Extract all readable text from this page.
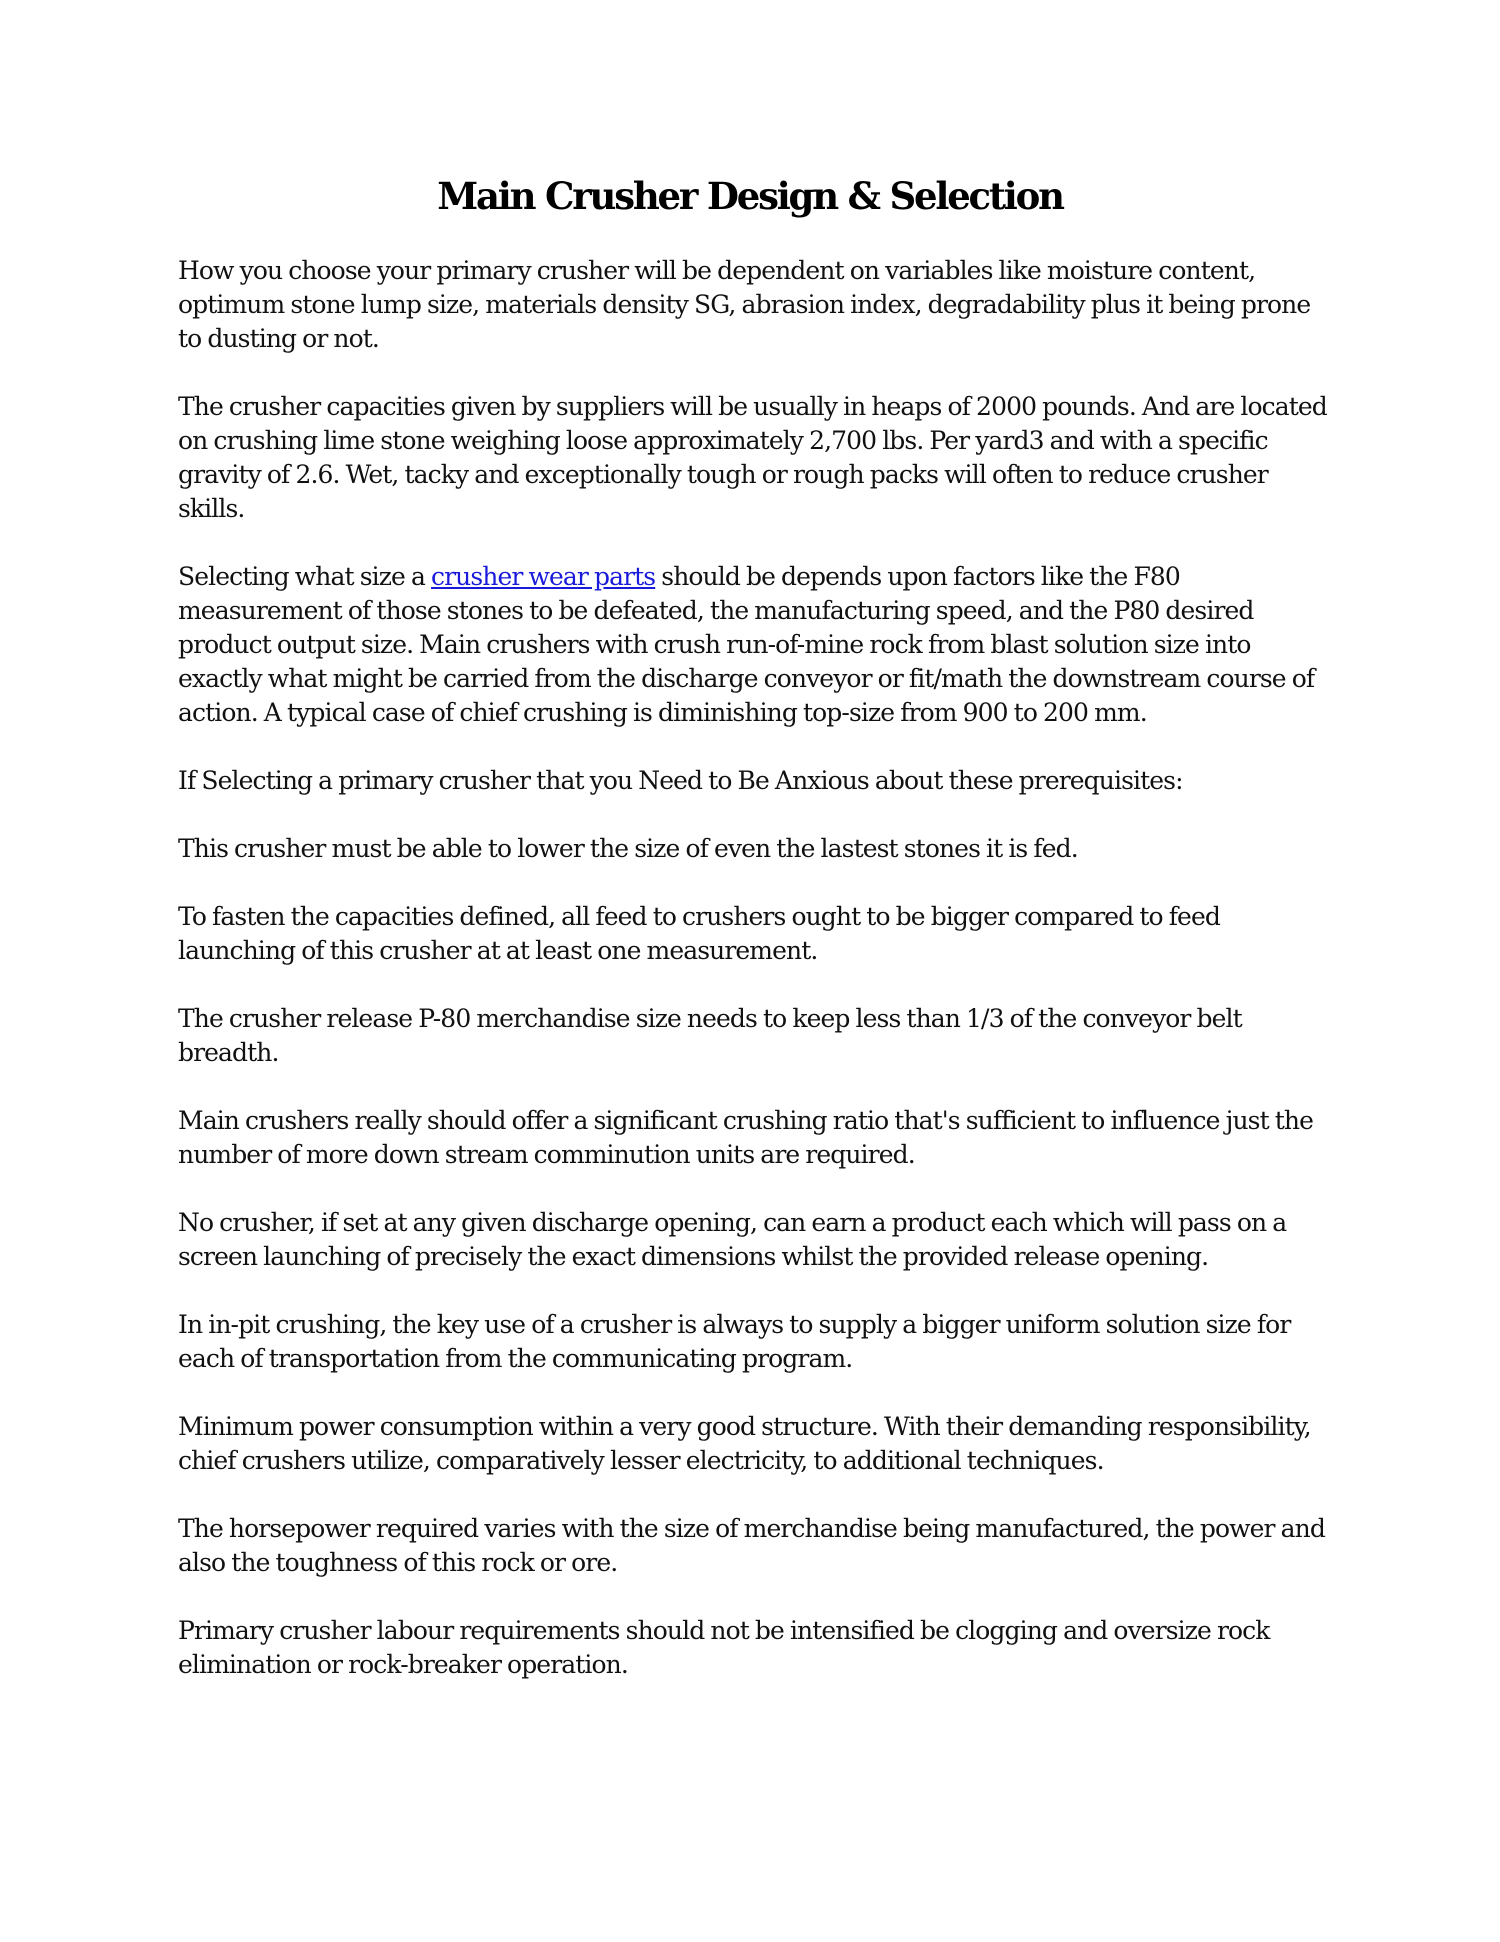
Main Crusher Design & Selection

How you choose your primary crusher will be dependent on variables like moisture content, optimum stone lump size, materials density SG, abrasion index, degradability plus it being prone to dusting or not.

The crusher capacities given by suppliers will be usually in heaps of 2000 pounds. And are located on crushing lime stone weighing loose approximately 2,700 lbs. Per yard3 and with a specific gravity of 2.6. Wet, tacky and exceptionally tough or rough packs will often to reduce crusher skills.

Selecting what size a crusher wear parts should be depends upon factors like the F80 measurement of those stones to be defeated, the manufacturing speed, and the P80 desired product output size. Main crushers with crush run-of-mine rock from blast solution size into exactly what might be carried from the discharge conveyor or fit/math the downstream course of action. A typical case of chief crushing is diminishing top-size from 900 to 200 mm.

If Selecting a primary crusher that you Need to Be Anxious about these prerequisites:

This crusher must be able to lower the size of even the lastest stones it is fed.

To fasten the capacities defined, all feed to crushers ought to be bigger compared to feed launching of this crusher at at least one measurement.

The crusher release P-80 merchandise size needs to keep less than 1/3 of the conveyor belt breadth.

Main crushers really should offer a significant crushing ratio that's sufficient to influence just the number of more down stream comminution units are required.

No crusher, if set at any given discharge opening, can earn a product each which will pass on a screen launching of precisely the exact dimensions whilst the provided release opening.

In in-pit crushing, the key use of a crusher is always to supply a bigger uniform solution size for each of transportation from the communicating program.

Minimum power consumption within a very good structure. With their demanding responsibility, chief crushers utilize, comparatively lesser electricity, to additional techniques.

The horsepower required varies with the size of merchandise being manufactured, the power and also the toughness of this rock or ore.

Primary crusher labour requirements should not be intensified be clogging and oversize rock elimination or rock-breaker operation.
